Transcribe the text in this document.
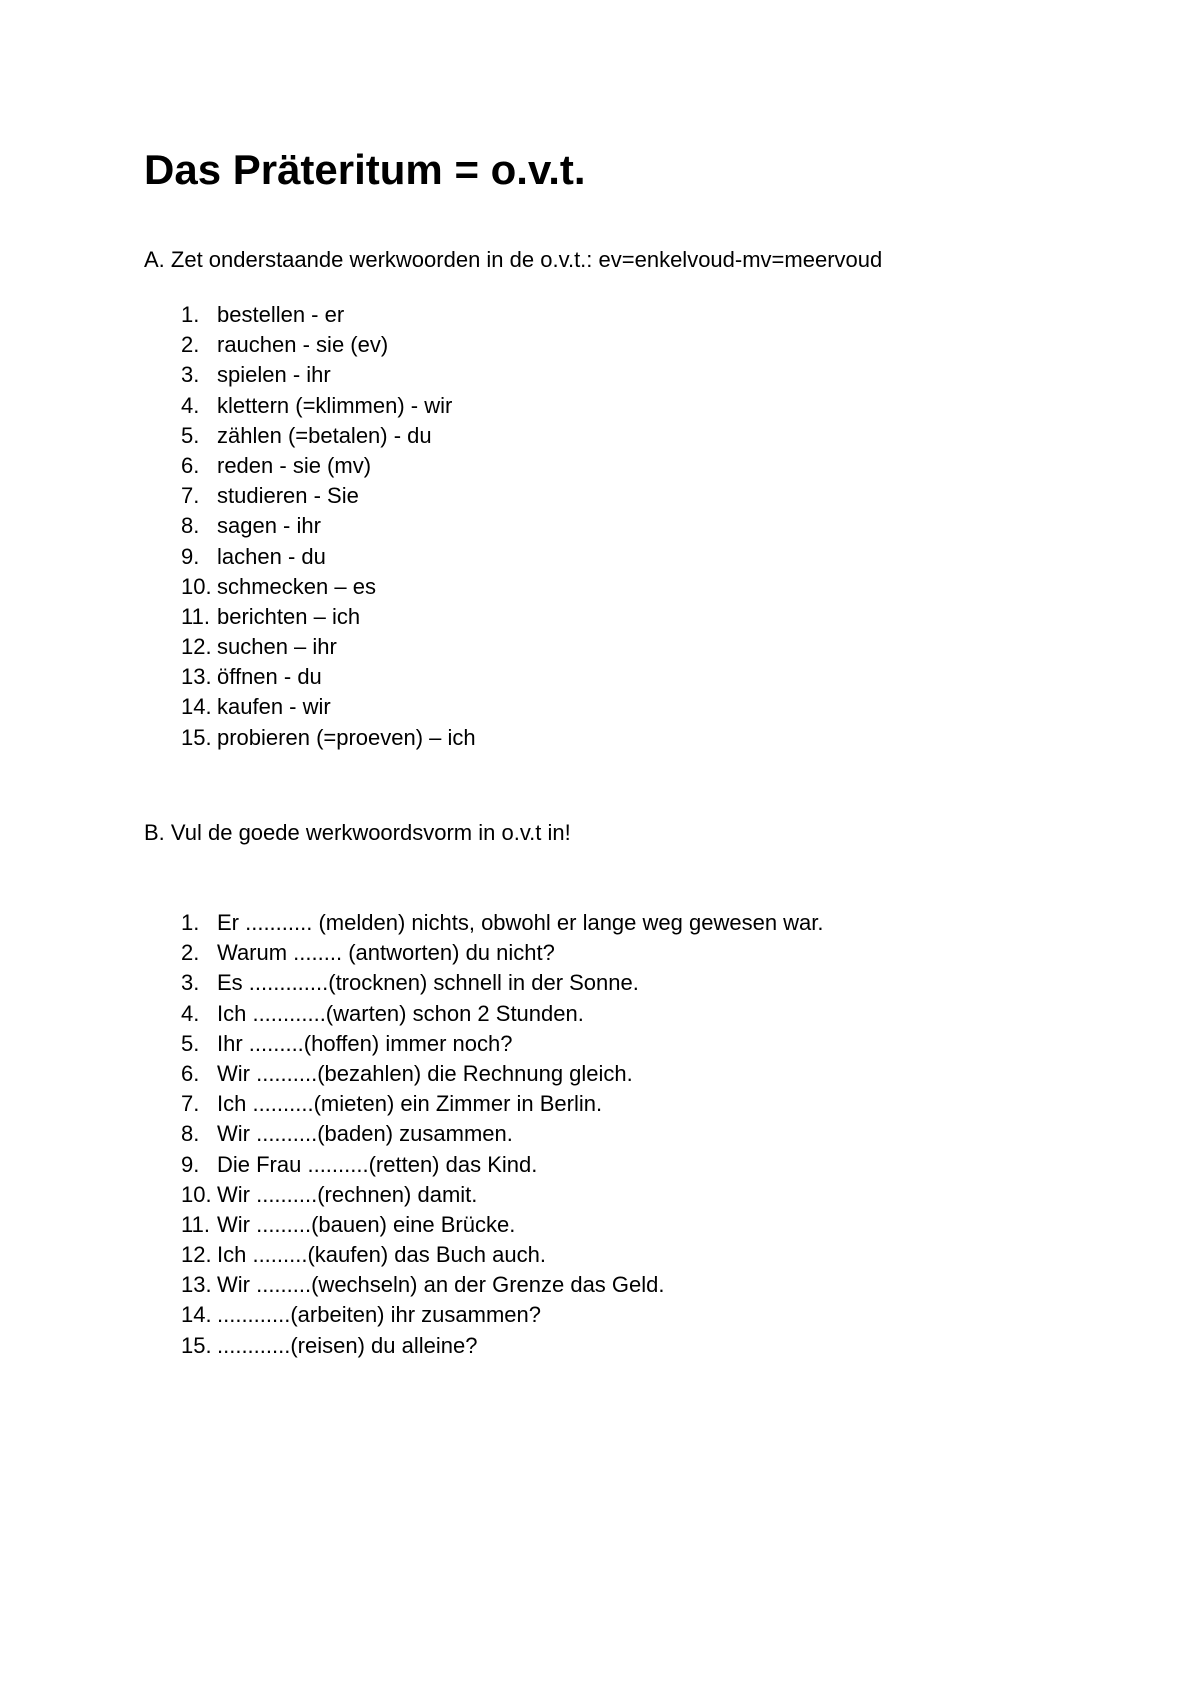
Das Präteritum = o.v.t.

A. Zet onderstaande werkwoorden in de o.v.t.: ev=enkelvoud-mv=meervoud

1. bestellen - er
2. rauchen - sie (ev)
3. spielen - ihr
4. klettern (=klimmen) - wir
5. zählen (=betalen) - du
6. reden - sie (mv)
7. studieren - Sie
8. sagen - ihr
9. lachen - du
10. schmecken – es
11. berichten – ich
12. suchen – ihr
13. öffnen - du
14. kaufen - wir
15. probieren (=proeven) – ich

B. Vul de goede werkwoordsvorm in o.v.t in!

1. Er ........... (melden) nichts, obwohl er lange weg gewesen war.
2. Warum ........ (antworten) du nicht?
3. Es .............(trocknen) schnell in der Sonne.
4. Ich ............(warten) schon 2 Stunden.
5. Ihr .........(hoffen) immer noch?
6. Wir ..........(bezahlen) die Rechnung gleich.
7. Ich ..........(mieten) ein Zimmer in Berlin.
8. Wir ..........(baden) zusammen.
9. Die Frau ..........(retten) das Kind.
10. Wir ..........(rechnen) damit.
11. Wir .........(bauen) eine Brücke.
12. Ich .........(kaufen) das Buch auch.
13. Wir .........(wechseln) an der Grenze das Geld.
14. ............(arbeiten) ihr zusammen?
15. ............(reisen) du alleine?
